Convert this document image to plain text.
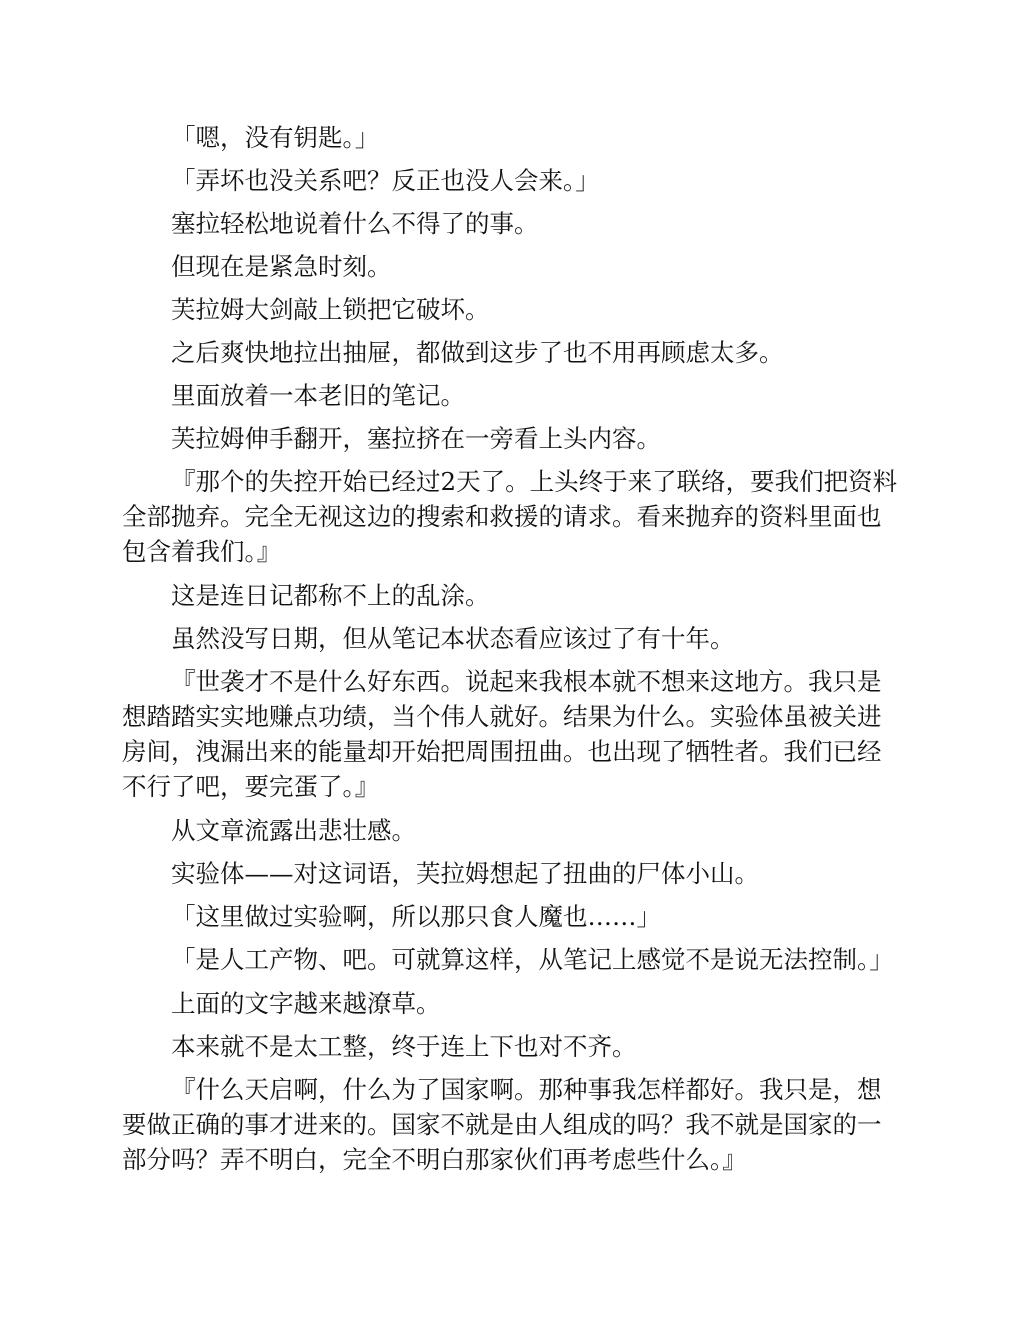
「嗯，没有钥匙。」

「弄坏也没关系吧？反正也没人会来。」

塞拉轻松地说着什么不得了的事。

但现在是紧急时刻。

芙拉姆大剑敲上锁把它破坏。

之后爽快地拉出抽屉，都做到这步了也不用再顾虑太多。

里面放着一本老旧的笔记。

芙拉姆伸手翻开，塞拉挤在一旁看上头内容。

『那个的失控开始已经过2天了。上头终于来了联络，要我们把资料全部抛弃。完全无视这边的搜索和救援的请求。看来抛弃的资料里面也包含着我们。』

这是连日记都称不上的乱涂。

虽然没写日期，但从笔记本状态看应该过了有十年。

『世袭才不是什么好东西。说起来我根本就不想来这地方。我只是想踏踏实实地赚点功绩，当个伟人就好。结果为什么。实验体虽被关进房间，洩漏出来的能量却开始把周围扭曲。也出现了牺牲者。我们已经不行了吧，要完蛋了。』

从文章流露出悲壮感。

实验体——对这词语，芙拉姆想起了扭曲的尸体小山。

「这里做过实验啊，所以那只食人魔也……」

「是人工产物、吧。可就算这样，从笔记上感觉不是说无法控制。」

上面的文字越来越潦草。

本来就不是太工整，终于连上下也对不齐。

『什么天启啊，什么为了国家啊。那种事我怎样都好。我只是，想要做正确的事才进来的。国家不就是由人组成的吗？我不就是国家的一部分吗？弄不明白，完全不明白那家伙们再考虑些什么。』
